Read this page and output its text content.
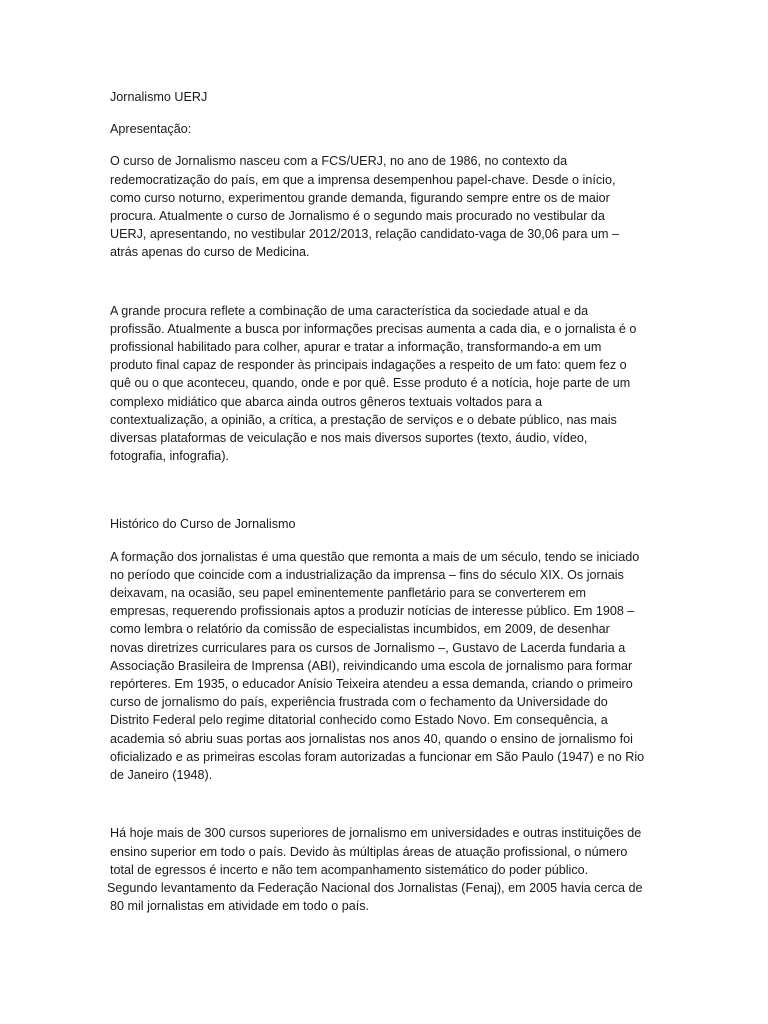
Jornalismo UERJ
Apresentação:
O curso de Jornalismo nasceu com a FCS/UERJ, no ano de 1986, no contexto da
redemocratização do país, em que a imprensa desempenhou papel-chave. Desde o início,
como curso noturno, experimentou grande demanda, figurando sempre entre os de maior
procura. Atualmente o curso de Jornalismo é o segundo mais procurado no vestibular da
UERJ, apresentando, no vestibular 2012/2013, relação candidato-vaga de 30,06 para um –
atrás apenas do curso de Medicina.
A grande procura reflete a combinação de uma característica da sociedade atual e da
profissão. Atualmente a busca por informações precisas aumenta a cada dia, e o jornalista é o
profissional habilitado para colher, apurar e tratar a informação, transformando-a em um
produto final capaz de responder às principais indagações a respeito de um fato: quem fez o
quê ou o que aconteceu, quando, onde e por quê. Esse produto é a notícia, hoje parte de um
complexo midiático que abarca ainda outros gêneros textuais voltados para a
contextualização, a opinião, a crítica, a prestação de serviços e o debate público, nas mais
diversas plataformas de veiculação e nos mais diversos suportes (texto, áudio, vídeo,
fotografia, infografia).
Histórico do Curso de Jornalismo
A formação dos jornalistas é uma questão que remonta a mais de um século, tendo se iniciado
no período que coincide com a industrialização da imprensa – fins do século XIX. Os jornais
deixavam, na ocasião, seu papel eminentemente panfletário para se converterem em
empresas, requerendo profissionais aptos a produzir notícias de interesse público. Em 1908 –
como lembra o relatório da comissão de especialistas incumbidos, em 2009, de desenhar
novas diretrizes curriculares para os cursos de Jornalismo –, Gustavo de Lacerda fundaria a
Associação Brasileira de Imprensa (ABI), reivindicando uma escola de jornalismo para formar
repórteres. Em 1935, o educador Anísio Teixeira atendeu a essa demanda, criando o primeiro
curso de jornalismo do país, experiência frustrada com o fechamento da Universidade do
Distrito Federal pelo regime ditatorial conhecido como Estado Novo. Em consequência, a
academia só abriu suas portas aos jornalistas nos anos 40, quando o ensino de jornalismo foi
oficializado e as primeiras escolas foram autorizadas a funcionar em São Paulo (1947) e no Rio
de Janeiro (1948).
Há hoje mais de 300 cursos superiores de jornalismo em universidades e outras instituições de
ensino superior em todo o país. Devido às múltiplas áreas de atuação profissional, o número
total de egressos é incerto e não tem acompanhamento sistemático do poder público.
Segundo levantamento da Federação Nacional dos Jornalistas (Fenaj), em 2005 havia cerca de
80 mil jornalistas em atividade em todo o país.
